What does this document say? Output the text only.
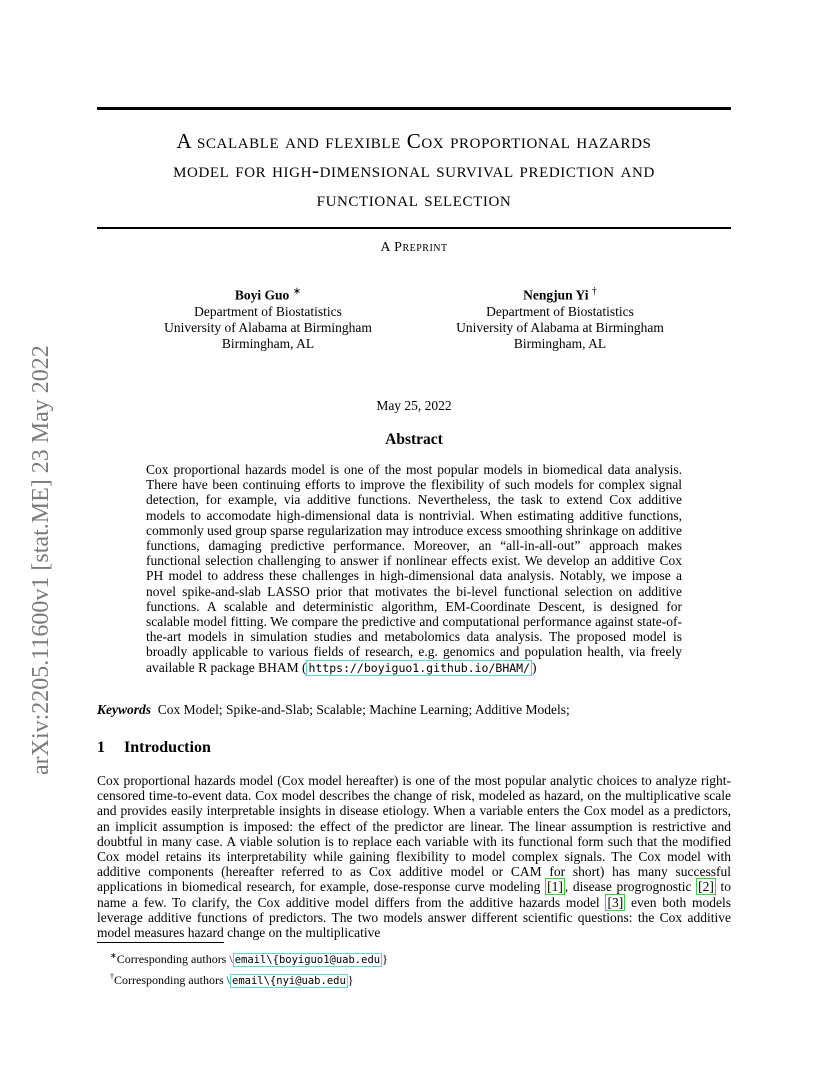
arXiv:2205.11600v1 [stat.ME] 23 May 2022
A scalable and flexible Cox proportional hazards
model for high-dimensional survival prediction and
functional selection
A Preprint
Boyi Guo ∗
Department of Biostatistics
University of Alabama at Birmingham
Birmingham, AL
Nengjun Yi †
Department of Biostatistics
University of Alabama at Birmingham
Birmingham, AL
May 25, 2022
Abstract
Cox proportional hazards model is one of the most popular models in biomedical data analysis. There have been continuing efforts to improve the flexibility of such models for complex signal detection, for example, via additive functions. Nevertheless, the task to extend Cox additive models to accomodate high-dimensional data is nontrivial. When estimating additive functions, commonly used group sparse regularization may introduce excess smoothing shrinkage on additive functions, damaging predictive performance. Moreover, an “all-in-all-out” approach makes functional selection challenging to answer if nonlinear effects exist. We develop an additive Cox PH model to address these challenges in high-dimensional data analysis. Notably, we impose a novel spike-and-slab LASSO prior that motivates the bi-level functional selection on additive functions. A scalable and deterministic algorithm, EM-Coordinate Descent, is designed for scalable model fitting. We compare the predictive and computational performance against state-of-the-art models in simulation studies and metabolomics data analysis. The proposed model is broadly applicable to various fields of research, e.g. genomics and population health, via freely available R package BHAM ( https://boyiguo1.github.io/BHAM/ )
Keywords Cox Model; Spike-and-Slab; Scalable; Machine Learning; Additive Models;
1 Introduction
Cox proportional hazards model (Cox model hereafter) is one of the most popular analytic choices to analyze right-censored time-to-event data. Cox model describes the change of risk, modeled as hazard, on the multiplicative scale and provides easily interpretable insights in disease etiology. When a variable enters the Cox model as a predictors, an implicit assumption is imposed: the effect of the predictor are linear. The linear assumption is restrictive and doubtful in many case. A viable solution is to replace each variable with its functional form such that the modified Cox model retains its interpretability while gaining flexibility to model complex signals. The Cox model with additive components (hereafter referred to as Cox additive model or CAM for short) has many successful applications in biomedical research, for example, dose-response curve modeling [1] , disease progrognostic [2] to name a few. To clarify, the Cox additive model differs from the additive hazards model [3] even both models leverage additive functions of predictors. The two models answer different scientific questions: the Cox additive model measures hazard change on the multiplicative
∗Corresponding authors \ email\{boyiguo1@uab.edu }
†Corresponding authors \ email\{nyi@uab.edu }
